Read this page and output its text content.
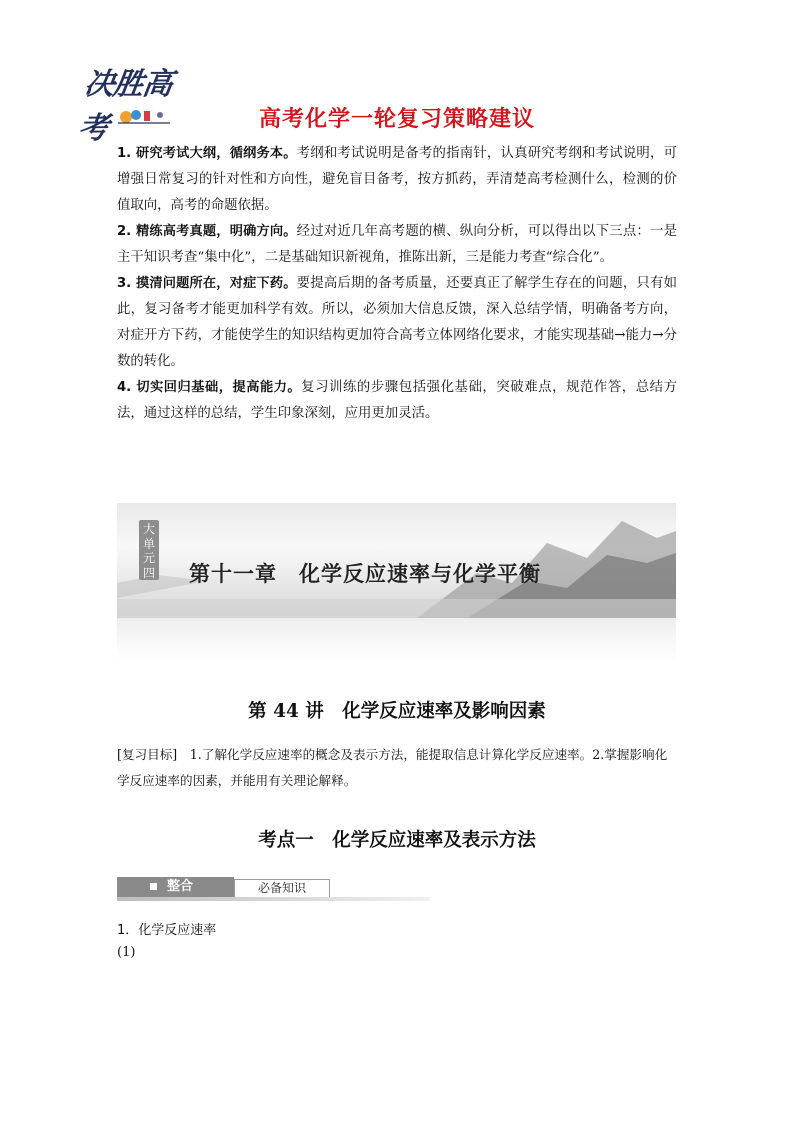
决胜高考	高考化学一轮复习策略建议

1. 研究考试大纲，循纲务本。考纲和考试说明是备考的指南针，认真研究考纲和考试说明，可增强日常复习的针对性和方向性，避免盲目备考，按方抓药，弄清楚高考检测什么，检测的价值取向，高考的命题依据。

2. 精练高考真题，明确方向。经过对近几年高考题的横、纵向分析，可以得出以下三点：一是主干知识考查“集中化”，二是基础知识新视角，推陈出新，三是能力考查“综合化”。

3. 摸清问题所在，对症下药。要提高后期的备考质量，还要真正了解学生存在的问题，只有如此，复习备考才能更加科学有效。所以，必须加大信息反馈，深入总结学情，明确备考方向，对症开方下药，才能使学生的知识结构更加符合高考立体网络化要求，才能实现基础→能力→分数的转化。

4. 切实回归基础，提高能力。复习训练的步骤包括强化基础，突破难点，规范作答，总结方法，通过这样的总结，学生印象深刻，应用更加灵活。

大单元四 第十一章　化学反应速率与化学平衡
第 44 讲　化学反应速率及影响因素

[复习目标]　 1.了解化学反应速率的概念及表示方法，能提取信息计算化学反应速率。2.掌握影响化学反应速率的因素，并能用有关理论解释。

考点一　化学反应速率及表示方法
整合	必备知识
1．化学反应速率
(1)
